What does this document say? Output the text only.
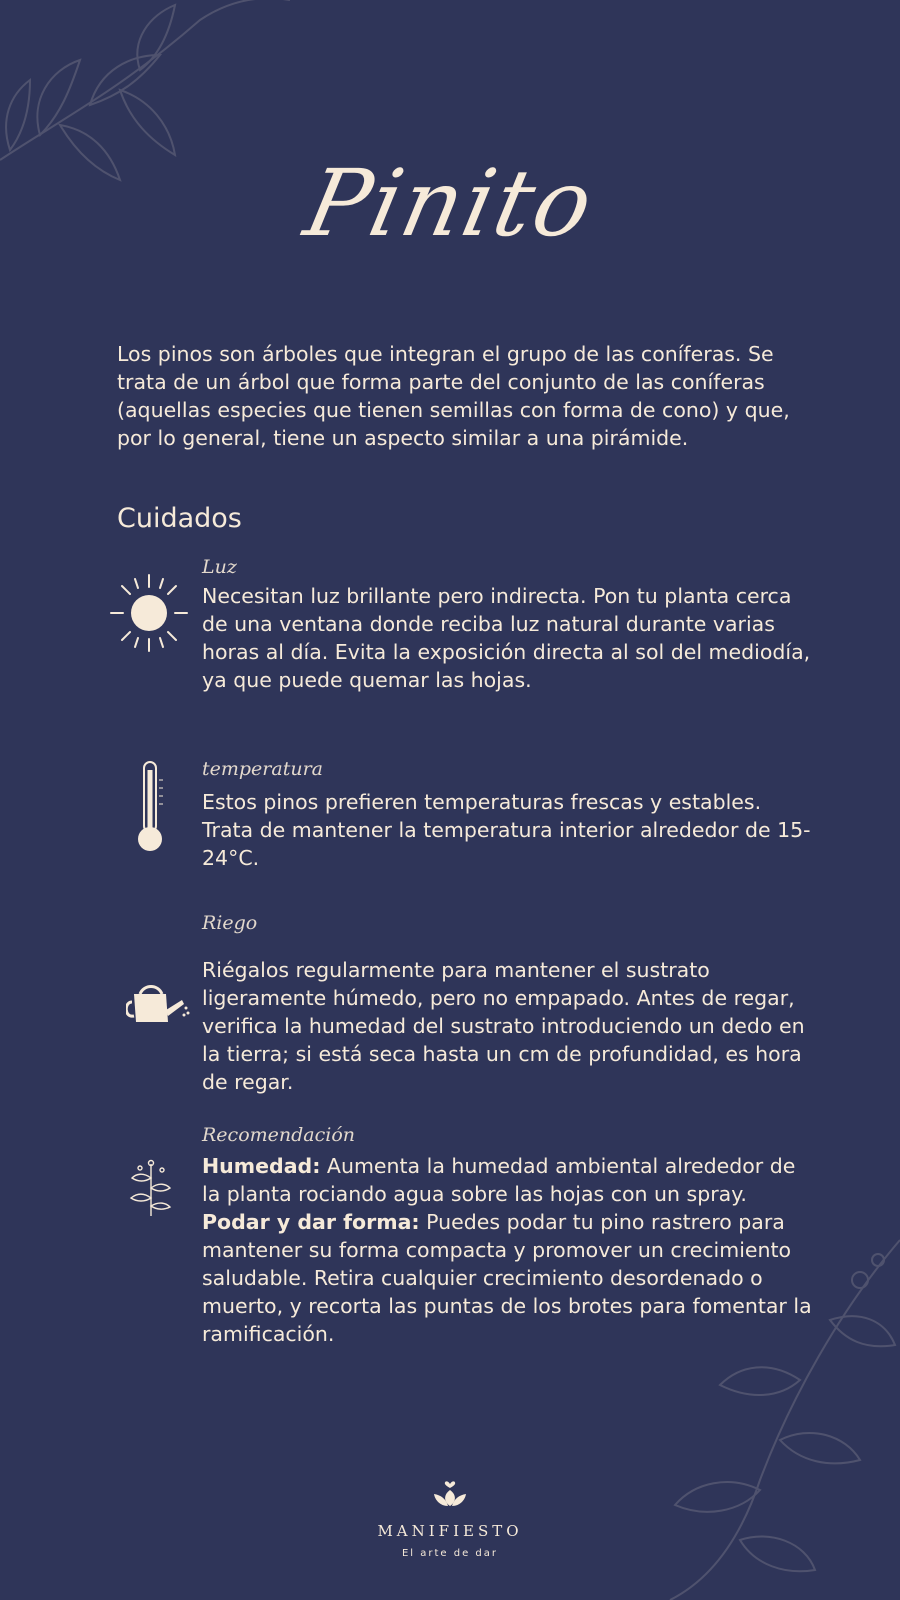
Pinito

Los pinos son árboles que integran el grupo de las coníferas. Se trata de un árbol que forma parte del conjunto de las coníferas (aquellas especies que tienen semillas con forma de cono) y que, por lo general, tiene un aspecto similar a una pirámide.

Cuidados
Luz

Necesitan luz brillante pero indirecta. Pon tu planta cerca de una ventana donde reciba luz natural durante varias horas al día. Evita la exposición directa al sol del mediodía, ya que puede quemar las hojas.

temperatura

Estos pinos prefieren temperaturas frescas y estables. Trata de mantener la temperatura interior alrededor de 15-24°C.

Riego

Riégalos regularmente para mantener el sustrato ligeramente húmedo, pero no empapado. Antes de regar, verifica la humedad del sustrato introduciendo un dedo en la tierra; si está seca hasta un cm de profundidad, es hora de regar.

Recomendación

Humedad: Aumenta la humedad ambiental alrededor de la planta rociando agua sobre las hojas con un spray.

Podar y dar forma: Puedes podar tu pino rastrero para mantener su forma compacta y promover un crecimiento saludable. Retira cualquier crecimiento desordenado o muerto, y recorta las puntas de los brotes para fomentar la ramificación.

MANIFIESTO
El arte de dar
